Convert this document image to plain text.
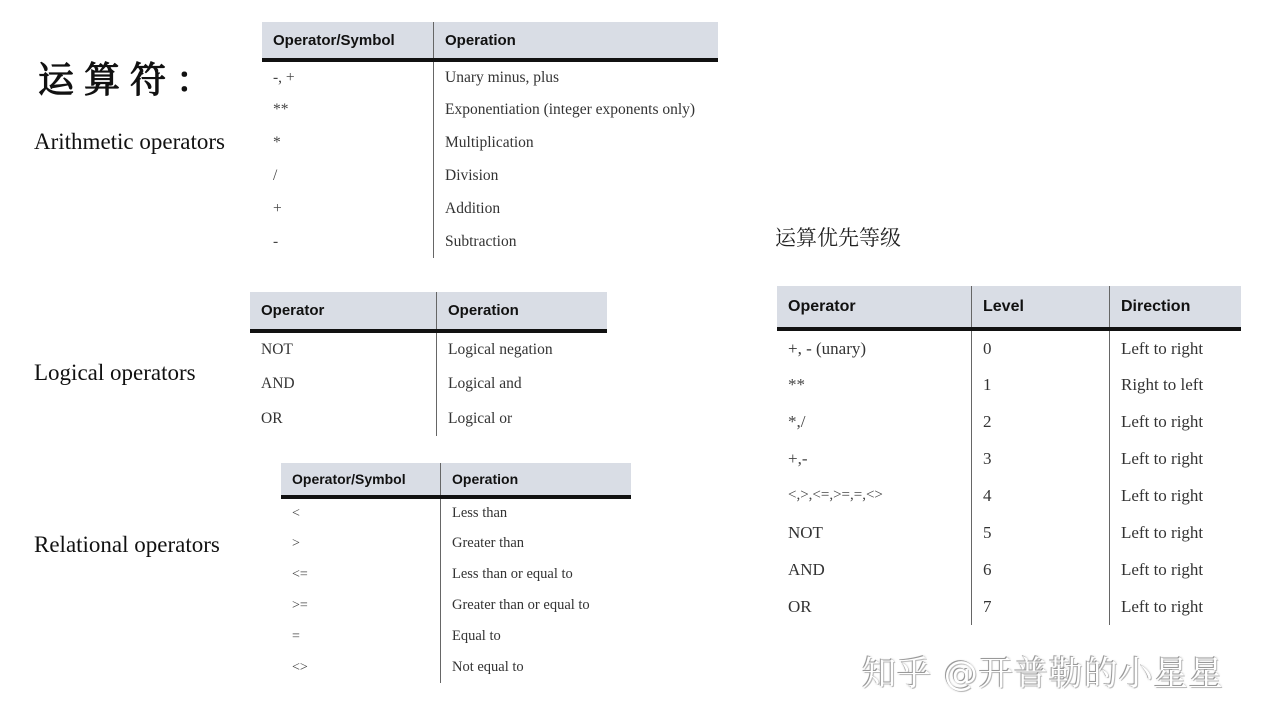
运算符：
Arithmetic operators
Logical operators
Relational operators
Operator/Symbol	Operation
-, +	Unary minus, plus
**	Exponentiation (integer exponents only)
*	Multiplication
/	Division
+	Addition
-	Subtraction
Operator	Operation
NOT	Logical negation
AND	Logical and
OR	Logical or
Operator/Symbol	Operation
<	Less than
>	Greater than
<=	Less than or equal to
>=	Greater than or equal to
=	Equal to
<>	Not equal to
运算优先等级
Operator	Level	Direction
+, - (unary)	0	Left to right
**	1	Right to left
*,/	2	Left to right
+,-	3	Left to right
<,>,<=,>=,=,<>	4	Left to right
NOT	5	Left to right
AND	6	Left to right
OR	7	Left to right
知乎 @开普勒的小星星
